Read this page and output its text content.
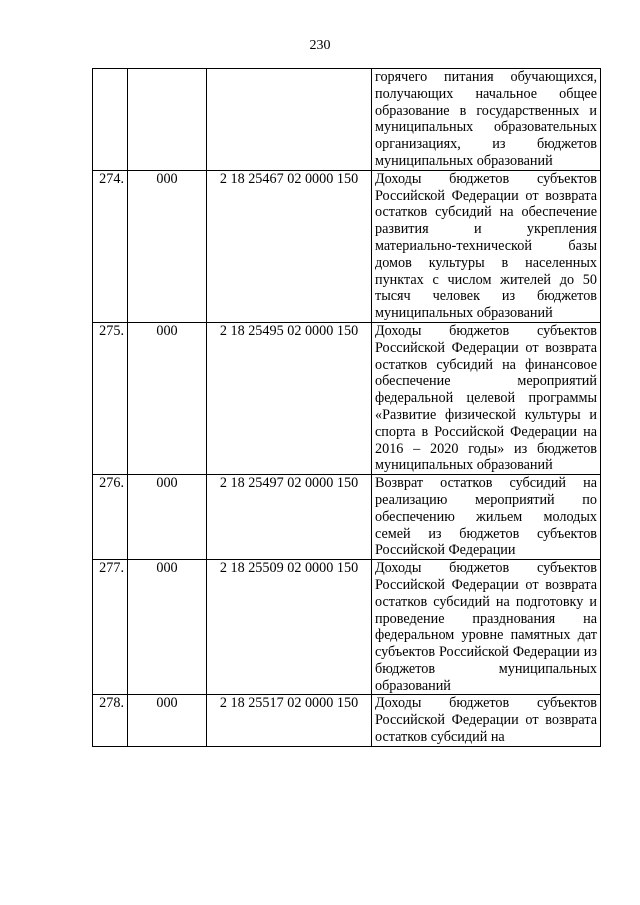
230
			горячего питания обучающихся, получающих начальное общее образование в государственных и муниципальных образовательных организациях, из бюджетов муниципальных образований
274.	000	2 18 25467 02 0000 150	Доходы бюджетов субъектов Российской Федерации от возврата остатков субсидий на обеспечение развития и укрепления материально-технической базы домов культуры в населенных пунктах с числом жителей до 50 тысяч человек из бюджетов муниципальных образований
275.	000	2 18 25495 02 0000 150	Доходы бюджетов субъектов Российской Федерации от возврата остатков субсидий на финансовое обеспечение мероприятий федеральной целевой программы «Развитие физической культуры и спорта в Российской Федерации на 2016 – 2020 годы» из бюджетов муниципальных образований
276.	000	2 18 25497 02 0000 150	Возврат остатков субсидий на реализацию мероприятий по обеспечению жильем молодых семей из бюджетов субъектов Российской Федерации
277.	000	2 18 25509 02 0000 150	Доходы бюджетов субъектов Российской Федерации от возврата остатков субсидий на подготовку и проведение празднования на федеральном уровне памятных дат субъектов Российской Федерации из бюджетов муниципальных образований
278.	000	2 18 25517 02 0000 150	Доходы бюджетов субъектов Российской Федерации от возврата остатков субсидий на
